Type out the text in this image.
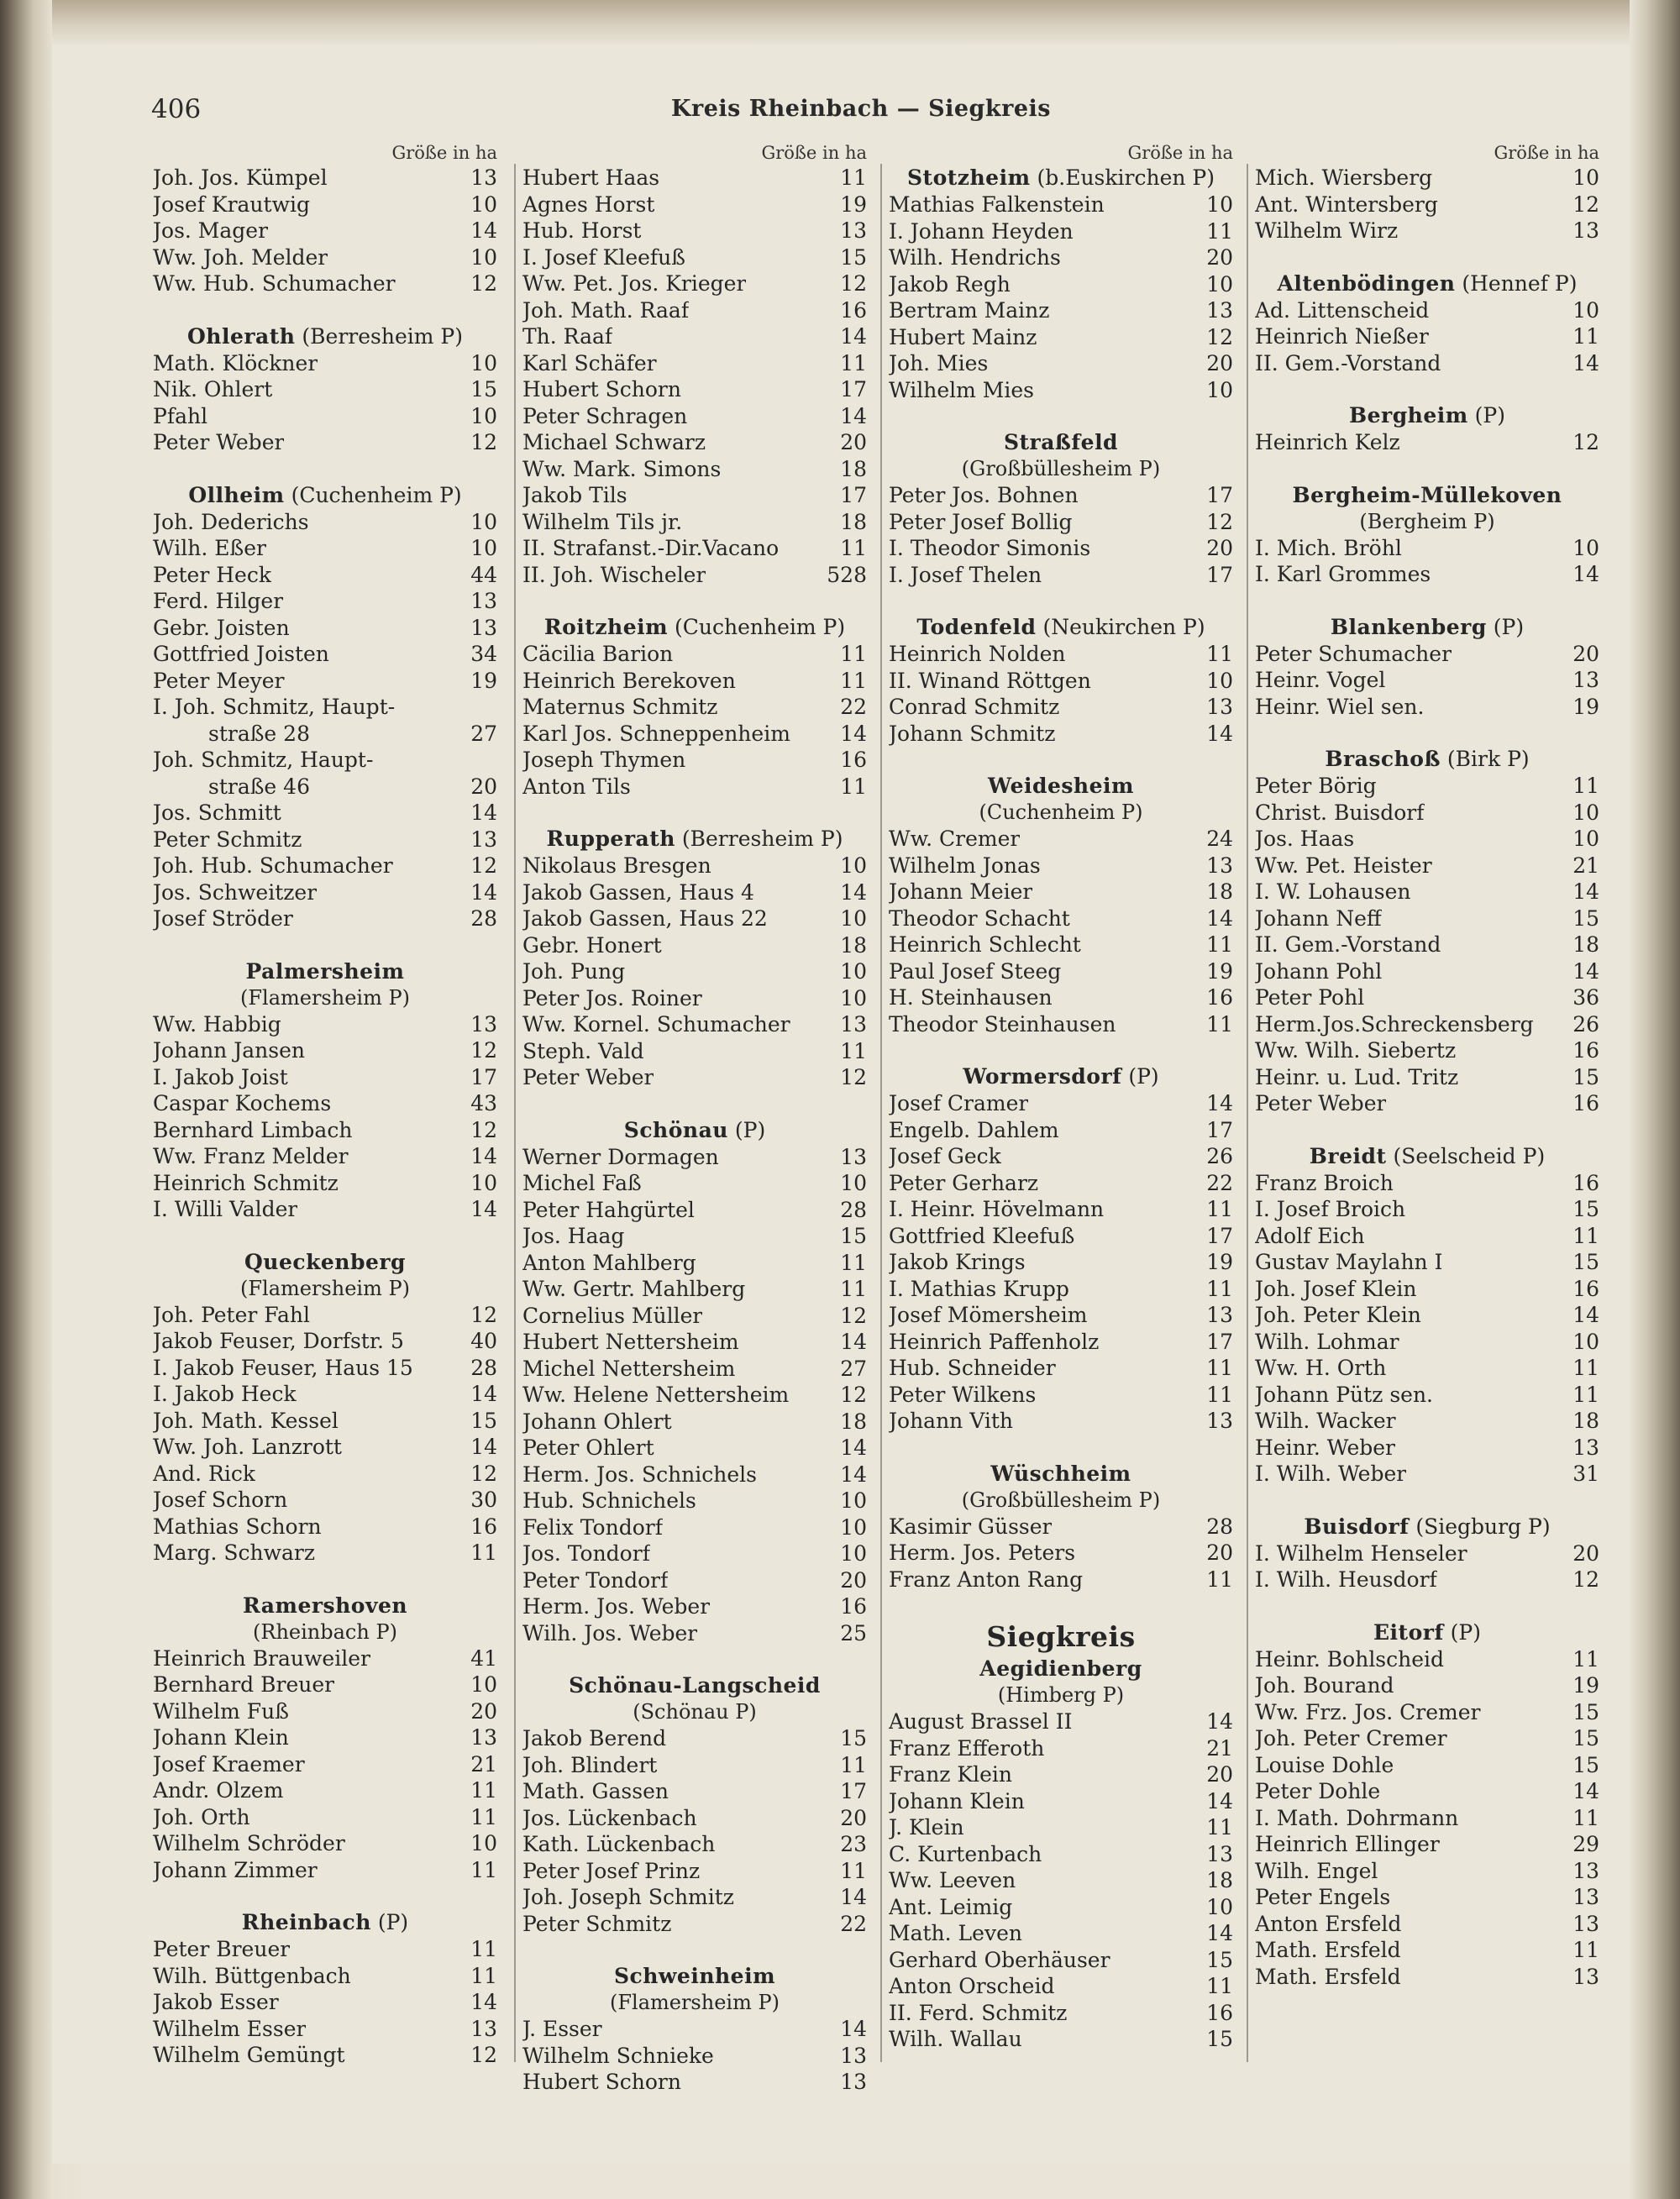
406	Kreis Rheinbach — Siegkreis
Größe in ha
Joh. Jos. Kümpel	13
Josef Krautwig	10
Jos. Mager	14
Ww. Joh. Melder	10
Ww. Hub. Schumacher	12
Ohlerath (Berresheim P)
Math. Klöckner	10
Nik. Ohlert	15
Pfahl	10
Peter Weber	12
Ollheim (Cuchenheim P)
Joh. Dederichs	10
Wilh. Eßer	10
Peter Heck	44
Ferd. Hilger	13
Gebr. Joisten	13
Gottfried Joisten	34
Peter Meyer	19
I. Joh. Schmitz, Haupt-
straße 28	27
Joh. Schmitz, Haupt-
straße 46	20
Jos. Schmitt	14
Peter Schmitz	13
Joh. Hub. Schumacher	12
Jos. Schweitzer	14
Josef Ströder	28
Palmersheim
(Flamersheim P)
Ww. Habbig	13
Johann Jansen	12
I. Jakob Joist	17
Caspar Kochems	43
Bernhard Limbach	12
Ww. Franz Melder	14
Heinrich Schmitz	10
I. Willi Valder	14
Queckenberg
(Flamersheim P)
Joh. Peter Fahl	12
Jakob Feuser, Dorfstr. 5	40
I. Jakob Feuser, Haus 15	28
I. Jakob Heck	14
Joh. Math. Kessel	15
Ww. Joh. Lanzrott	14
And. Rick	12
Josef Schorn	30
Mathias Schorn	16
Marg. Schwarz	11
Ramershoven
(Rheinbach P)
Heinrich Brauweiler	41
Bernhard Breuer	10
Wilhelm Fuß	20
Johann Klein	13
Josef Kraemer	21
Andr. Olzem	11
Joh. Orth	11
Wilhelm Schröder	10
Johann Zimmer	11
Rheinbach (P)
Peter Breuer	11
Wilh. Büttgenbach	11
Jakob Esser	14
Wilhelm Esser	13
Wilhelm Gemüngt	12
Größe in ha
Hubert Haas	11
Agnes Horst	19
Hub. Horst	13
I. Josef Kleefuß	15
Ww. Pet. Jos. Krieger	12
Joh. Math. Raaf	16
Th. Raaf	14
Karl Schäfer	11
Hubert Schorn	17
Peter Schragen	14
Michael Schwarz	20
Ww. Mark. Simons	18
Jakob Tils	17
Wilhelm Tils jr.	18
II. Strafanst.-Dir.Vacano	11
II. Joh. Wischeler	528
Roitzheim (Cuchenheim P)
Cäcilia Barion	11
Heinrich Berekoven	11
Maternus Schmitz	22
Karl Jos. Schneppenheim 14
Joseph Thymen	16
Anton Tils	11
Rupperath (Berresheim P)
Nikolaus Bresgen	10
Jakob Gassen, Haus 4	14
Jakob Gassen, Haus 22	10
Gebr. Honert	18
Joh. Pung	10
Peter Jos. Roiner	10
Ww. Kornel. Schumacher 13
Steph. Vald	11
Peter Weber	12
Schönau (P)
Werner Dormagen	13
Michel Faß	10
Peter Hahgürtel	28
Jos. Haag	15
Anton Mahlberg	11
Ww. Gertr. Mahlberg	11
Cornelius Müller	12
Hubert Nettersheim	14
Michel Nettersheim	27
Ww. Helene Nettersheim 12
Johann Ohlert	18
Peter Ohlert	14
Herm. Jos. Schnichels	14
Hub. Schnichels	10
Felix Tondorf	10
Jos. Tondorf	10
Peter Tondorf	20
Herm. Jos. Weber	16
Wilh. Jos. Weber	25
Schönau-Langscheid
(Schönau P)
Jakob Berend	15
Joh. Blindert	11
Math. Gassen	17
Jos. Lückenbach	20
Kath. Lückenbach	23
Peter Josef Prinz	11
Joh. Joseph Schmitz	14
Peter Schmitz	22
Schweinheim
(Flamersheim P)
J. Esser	14
Wilhelm Schnieke	13
Hubert Schorn	13
Größe in ha
Stotzheim (b.Euskirchen P)
Mathias Falkenstein	10
I. Johann Heyden	11
Wilh. Hendrichs	20
Jakob Regh	10
Bertram Mainz	13
Hubert Mainz	12
Joh. Mies	20
Wilhelm Mies	10
Straßfeld
(Großbüllesheim P)
Peter Jos. Bohnen	17
Peter Josef Bollig	12
I. Theodor Simonis	20
I. Josef Thelen	17
Todenfeld (Neukirchen P)
Heinrich Nolden	11
II. Winand Röttgen	10
Conrad Schmitz	13
Johann Schmitz	14
Weidesheim
(Cuchenheim P)
Ww. Cremer	24
Wilhelm Jonas	13
Johann Meier	18
Theodor Schacht	14
Heinrich Schlecht	11
Paul Josef Steeg	19
H. Steinhausen	16
Theodor Steinhausen	11
Wormersdorf (P)
Josef Cramer	14
Engelb. Dahlem	17
Josef Geck	26
Peter Gerharz	22
I. Heinr. Hövelmann	11
Gottfried Kleefuß	17
Jakob Krings	19
I. Mathias Krupp	11
Josef Mömersheim	13
Heinrich Paffenholz	17
Hub. Schneider	11
Peter Wilkens	11
Johann Vith	13
Wüschheim
(Großbüllesheim P)
Kasimir Güsser	28
Herm. Jos. Peters	20
Franz Anton Rang	11
Siegkreis
Aegidienberg
(Himberg P)
August Brassel II	14
Franz Efferoth	21
Franz Klein	20
Johann Klein	14
J. Klein	11
C. Kurtenbach	13
Ww. Leeven	18
Ant. Leimig	10
Math. Leven	14
Gerhard Oberhäuser	15
Anton Orscheid	11
II. Ferd. Schmitz	16
Wilh. Wallau	15
Größe in ha
Mich. Wiersberg	10
Ant. Wintersberg	12
Wilhelm Wirz	13
Altenbödingen (Hennef P)
Ad. Littenscheid	10
Heinrich Nießer	11
II. Gem.-Vorstand	14
Bergheim (P)
Heinrich Kelz	12
Bergheim-Müllekoven
(Bergheim P)
I. Mich. Bröhl	10
I. Karl Grommes	14
Blankenberg (P)
Peter Schumacher	20
Heinr. Vogel	13
Heinr. Wiel sen.	19
Braschoß (Birk P)
Peter Börig	11
Christ. Buisdorf	10
Jos. Haas	10
Ww. Pet. Heister	21
I. W. Lohausen	14
Johann Neff	15
II. Gem.-Vorstand	18
Johann Pohl	14
Peter Pohl	36
Herm.Jos.Schreckensberg 26
Ww. Wilh. Siebertz	16
Heinr. u. Lud. Tritz	15
Peter Weber	16
Breidt (Seelscheid P)
Franz Broich	16
I. Josef Broich	15
Adolf Eich	11
Gustav Maylahn I	15
Joh. Josef Klein	16
Joh. Peter Klein	14
Wilh. Lohmar	10
Ww. H. Orth	11
Johann Pütz sen.	11
Wilh. Wacker	18
Heinr. Weber	13
I. Wilh. Weber	31
Buisdorf (Siegburg P)
I. Wilhelm Henseler	20
I. Wilh. Heusdorf	12
Eitorf (P)
Heinr. Bohlscheid	11
Joh. Bourand	19
Ww. Frz. Jos. Cremer	15
Joh. Peter Cremer	15
Louise Dohle	15
Peter Dohle	14
I. Math. Dohrmann	11
Heinrich Ellinger	29
Wilh. Engel	13
Peter Engels	13
Anton Ersfeld	13
Math. Ersfeld	11
Math. Ersfeld	13
